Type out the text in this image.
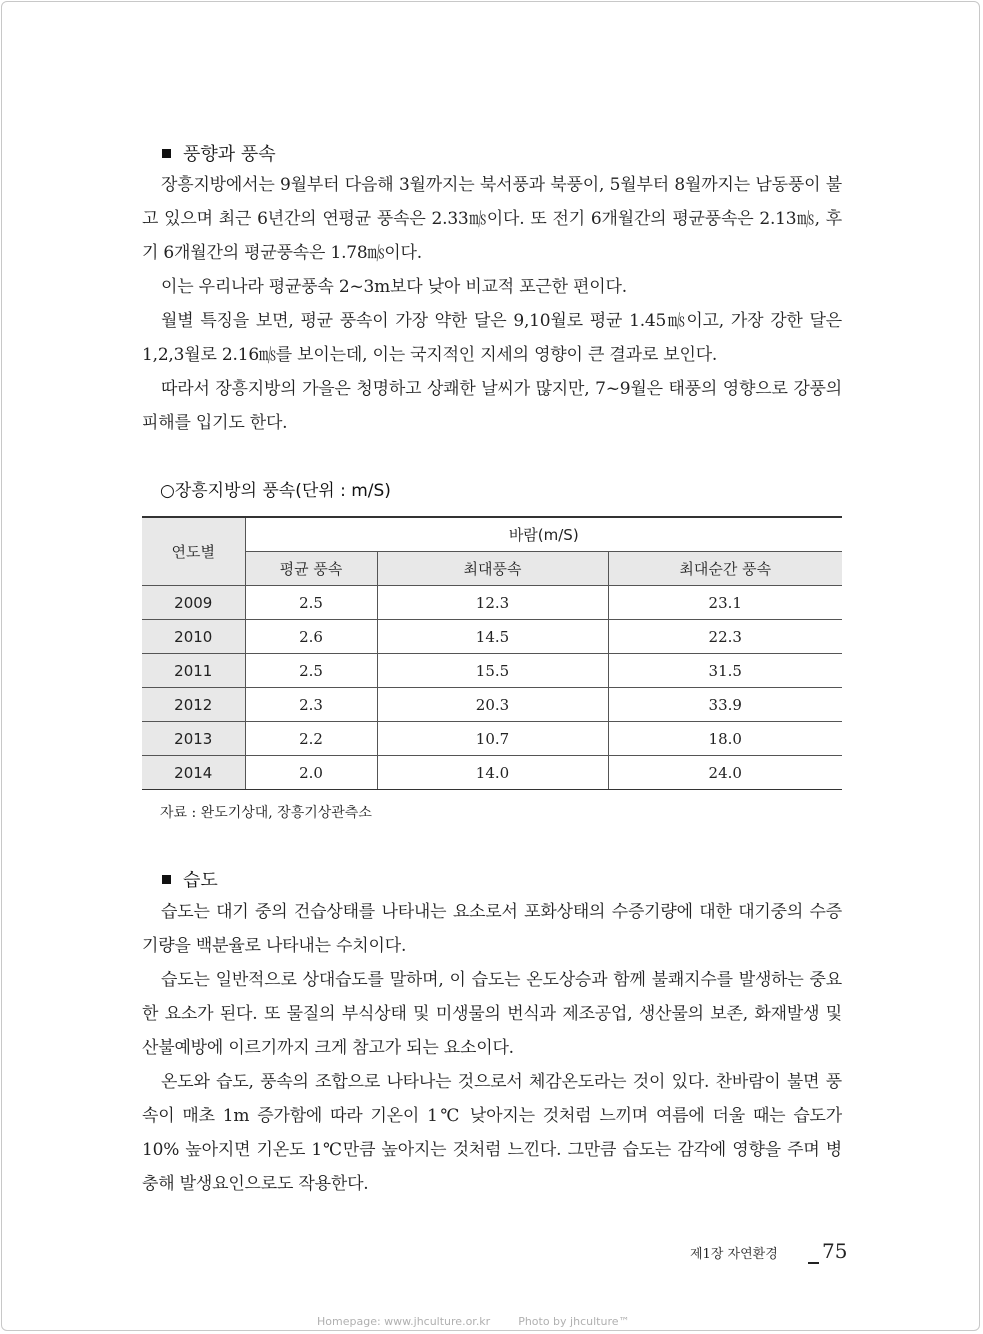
풍향과 풍속

장흥지방에서는 9월부터 다음해 3월까지는 북서풍과 북풍이, 5월부터 8월까지는 남동풍이 불고 있으며 최근 6년간의 연평균 풍속은 2.33㎧이다. 또 전기 6개월간의 평균풍속은 2.13㎧, 후기 6개월간의 평균풍속은 1.78㎧이다.

이는 우리나라 평균풍속 2~3m보다 낮아 비교적 포근한 편이다.

월별 특징을 보면, 평균 풍속이 가장 약한 달은 9,10월로 평균 1.45㎧이고, 가장 강한 달은 1,2,3월로 2.16㎧를 보이는데, 이는 국지적인 지세의 영향이 큰 결과로 보인다.

따라서 장흥지방의 가을은 청명하고 상쾌한 날씨가 많지만, 7~9월은 태풍의 영향으로 강풍의 피해를 입기도 한다.

○장흥지방의 풍속(단위 : m/S)
연도별	바람(m/S)		
	평균 풍속	최대풍속	최대순간 풍속
2009	2.5	12.3	23.1
2010	2.6	14.5	22.3
2011	2.5	15.5	31.5
2012	2.3	20.3	33.9
2013	2.2	10.7	18.0
2014	2.0	14.0	24.0
자료 : 완도기상대, 장흥기상관측소
습도

습도는 대기 중의 건습상태를 나타내는 요소로서 포화상태의 수증기량에 대한 대기중의 수증기량을 백분율로 나타내는 수치이다.

습도는 일반적으로 상대습도를 말하며, 이 습도는 온도상승과 함께 불쾌지수를 발생하는 중요한 요소가 된다. 또 물질의 부식상태 및 미생물의 번식과 제조공업, 생산물의 보존, 화재발생 및 산불예방에 이르기까지 크게 참고가 되는 요소이다.

온도와 습도, 풍속의 조합으로 나타나는 것으로서 체감온도라는 것이 있다. 찬바람이 불면 풍속이 매초 1m 증가함에 따라 기온이 1℃ 낮아지는 것처럼 느끼며 여름에 더울 때는 습도가 10% 높아지면 기온도 1℃만큼 높아지는 것처럼 느낀다. 그만큼 습도는 감각에 영향을 주며 병충해 발생요인으로도 작용한다.

제1장 자연환경 75
Homepage: www.jhculture.or.kr	Photo by jhculture™
